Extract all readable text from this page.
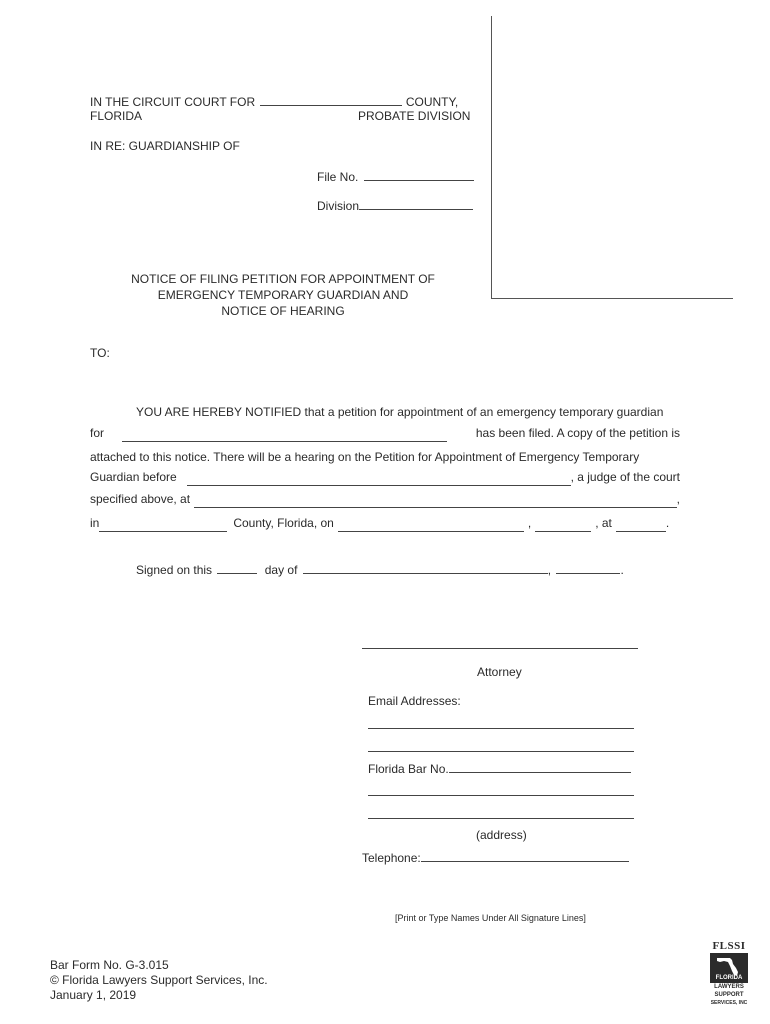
IN THE CIRCUIT COURT FOR	COUNTY,
FLORIDA	PROBATE DIVISION
IN RE: GUARDIANSHIP OF
File No.
Division
NOTICE OF FILING PETITION FOR APPOINTMENT OF
EMERGENCY TEMPORARY GUARDIAN AND
NOTICE OF HEARING
TO:
YOU ARE HEREBY NOTIFIED that a petition for appointment of an emergency temporary guardian
for	has been filed. A copy of the petition is
attached to this notice. There will be a hearing on the Petition for Appointment of Emergency Temporary
Guardian before	, a judge of the court
specified above, at	,
in	County, Florida, on	,	, at	.
Signed on this	day of	,	.
Attorney
Email Addresses:
Florida Bar No.
(address)
Telephone:
[Print or Type Names Under All Signature Lines]
Bar Form No. G-3.015
© Florida Lawyers Support Services, Inc.
January 1, 2019
FLSSI
FLORIDA
LAWYERS
SUPPORT
SERVICES, INC
